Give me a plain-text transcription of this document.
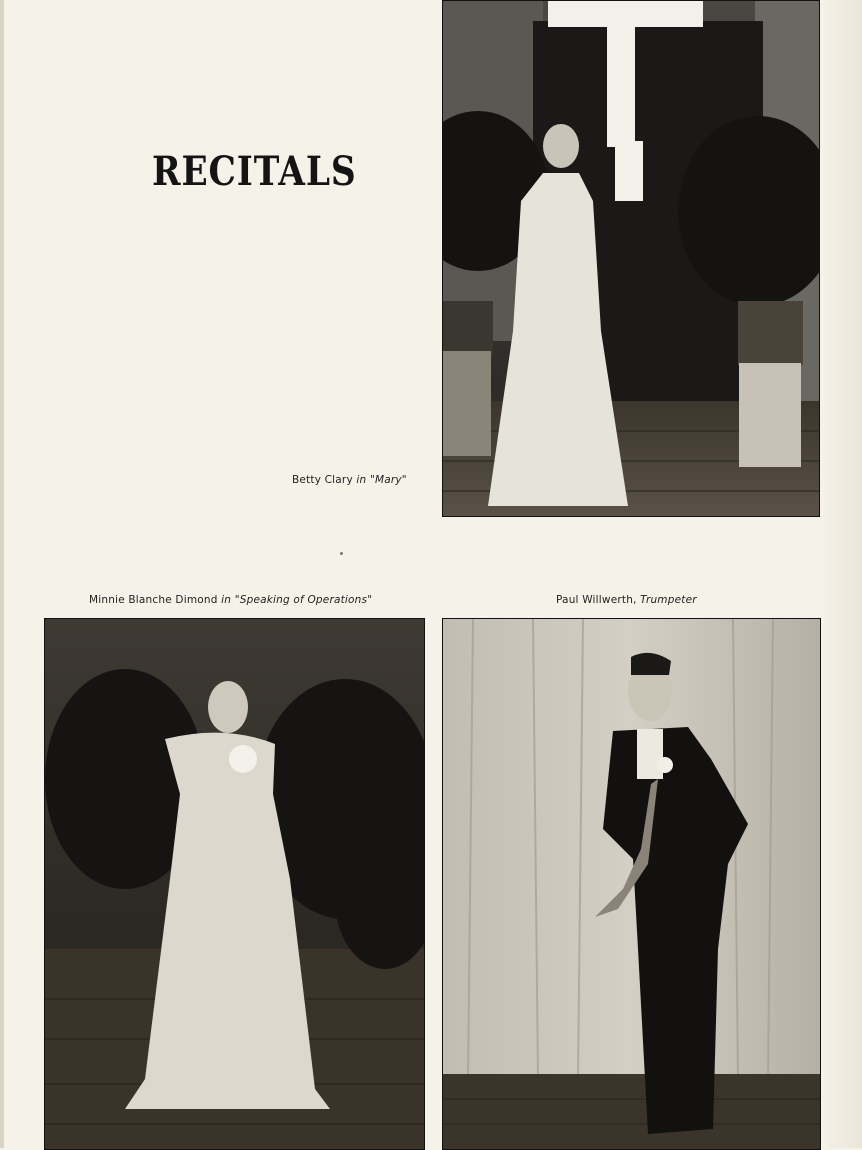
RECITALS
Betty Clary in "Mary"
Minnie Blanche Dimond in "Speaking of Operations"	Paul Willwerth, Trumpeter
